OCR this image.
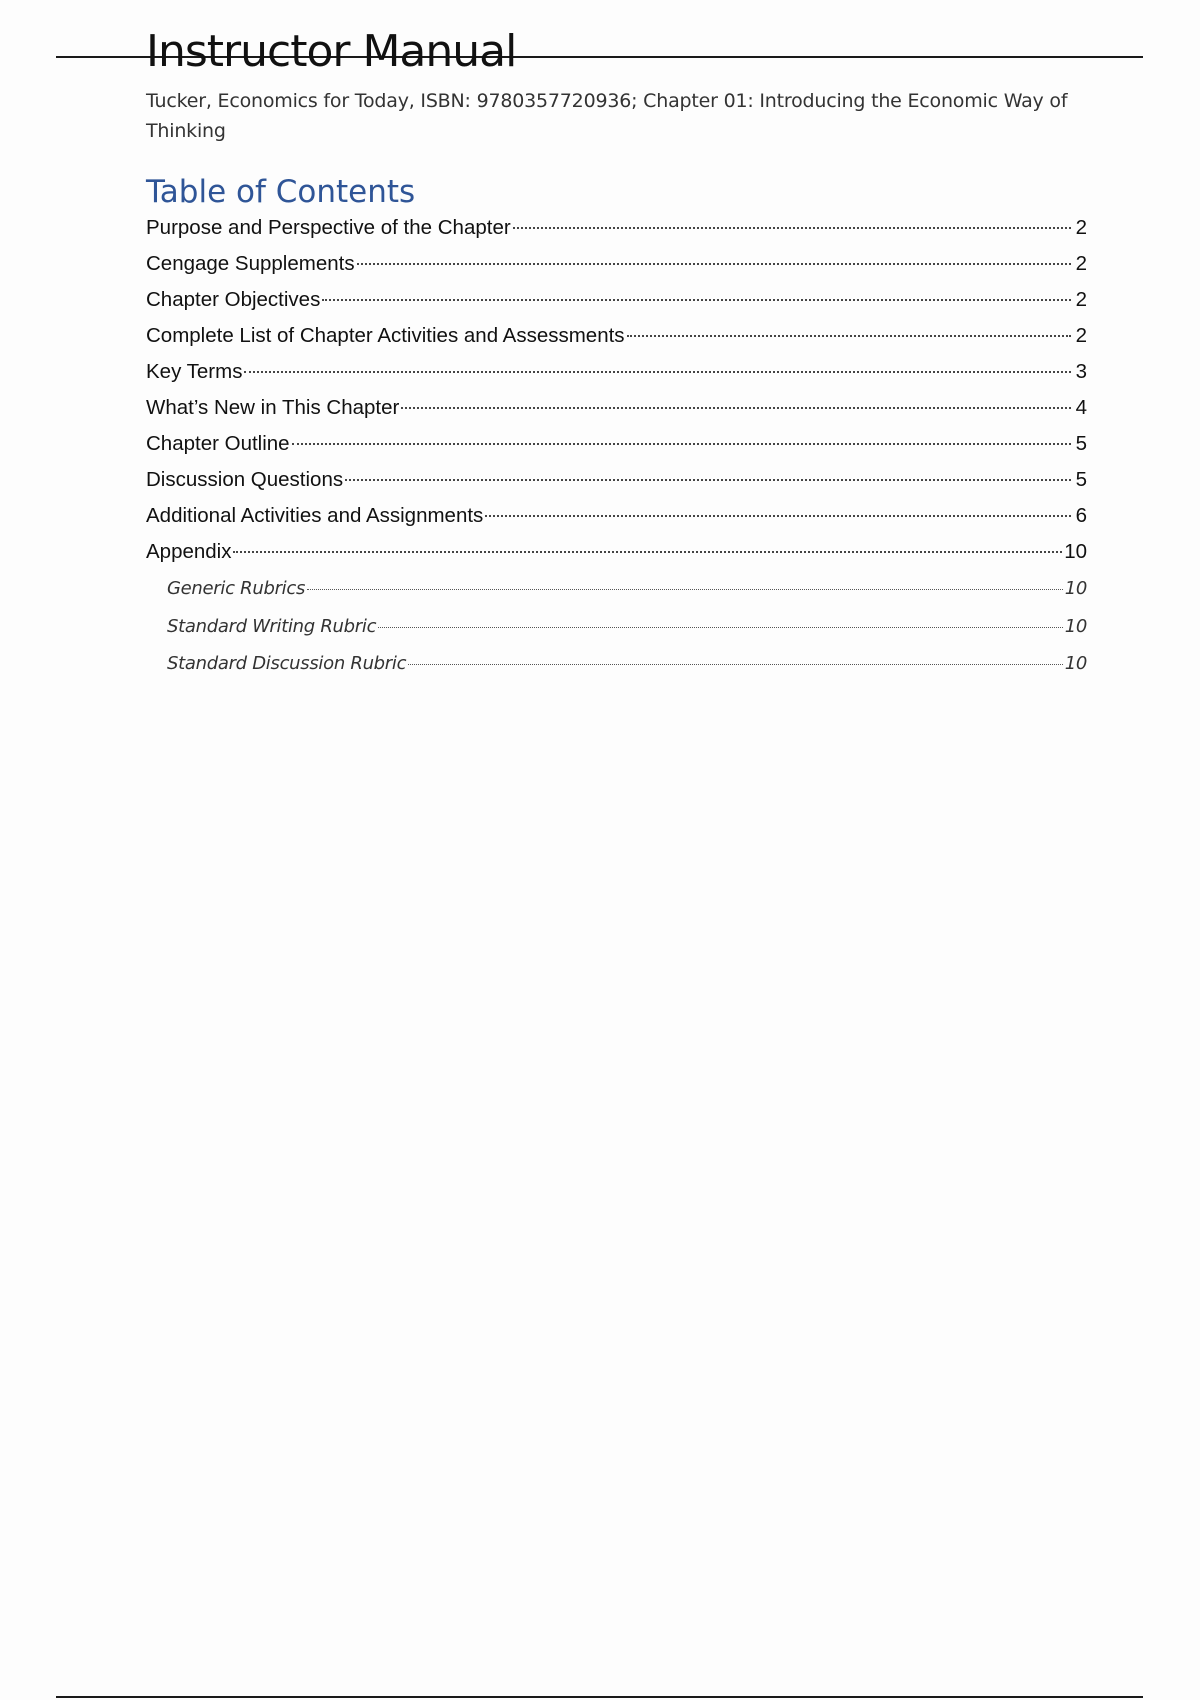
Instructor Manual

Tucker, Economics for Today, ISBN: 9780357720936; Chapter 01: Introducing the Economic Way of Thinking

Table of Contents
Purpose and Perspective of the Chapter	2
Cengage Supplements	2
Chapter Objectives	2
Complete List of Chapter Activities and Assessments	2
Key Terms	3
What’s New in This Chapter	4
Chapter Outline	5
Discussion Questions	5
Additional Activities and Assignments	6
Appendix	10
Generic Rubrics	10
Standard Writing Rubric	10
Standard Discussion Rubric	10
